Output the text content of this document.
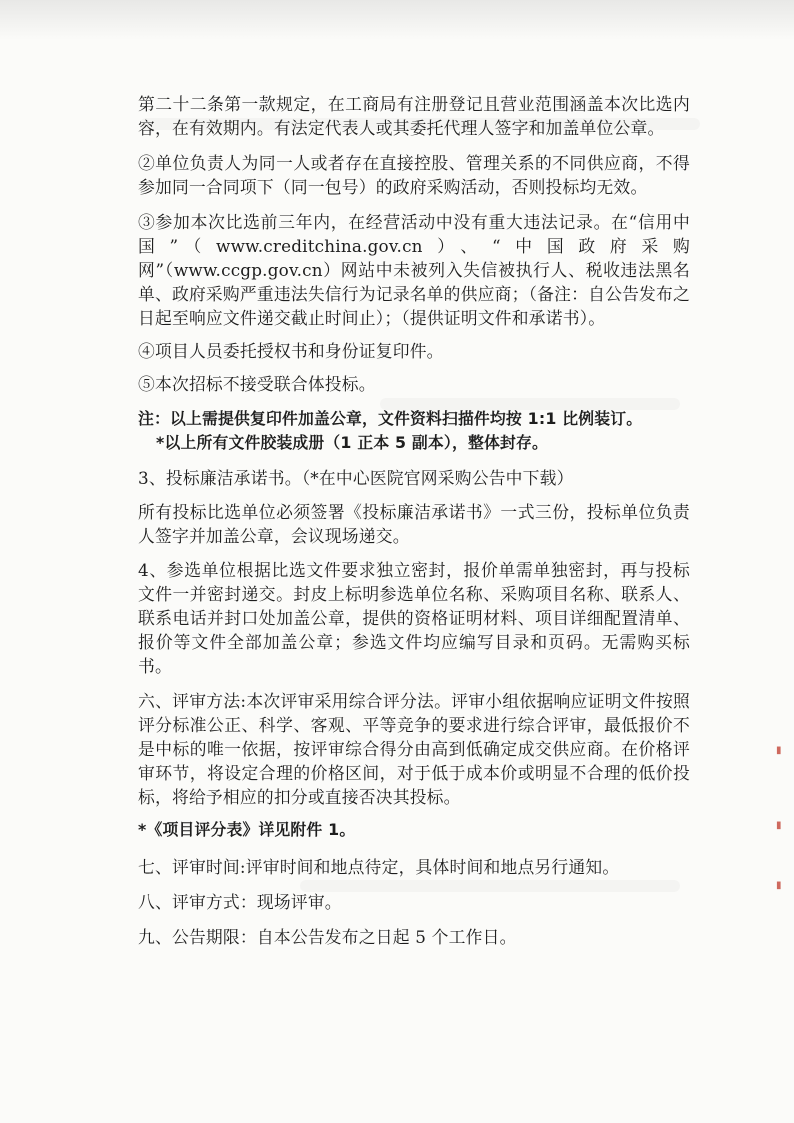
▮
▮
▮

第二十二条第一款规定，在工商局有注册登记且营业范围涵盖本次比选内容，在有效期内。有法定代表人或其委托代理人签字和加盖单位公章。

②单位负责人为同一人或者存在直接控股、管理关系的不同供应商，不得参加同一合同项下（同一包号）的政府采购活动，否则投标均无效。

③参加本次比选前三年内，在经营活动中没有重大违法记录。在“信用中国”（www.creditchina.gov.cn）、“中国政府采购网”（www.ccgp.gov.cn）网站中未被列入失信被执行人、税收违法黑名单、政府采购严重违法失信行为记录名单的供应商；（备注：自公告发布之日起至响应文件递交截止时间止）；（提供证明文件和承诺书）。

④项目人员委托授权书和身份证复印件。

⑤本次招标不接受联合体投标。

注：以上需提供复印件加盖公章，文件资料扫描件均按 1:1 比例装订。

*以上所有文件胶装成册（1 正本 5 副本），整体封存。

3、投标廉洁承诺书。（*在中心医院官网采购公告中下载）

所有投标比选单位必须签署《投标廉洁承诺书》一式三份，投标单位负责人签字并加盖公章，会议现场递交。

4、参选单位根据比选文件要求独立密封，报价单需单独密封，再与投标文件一并密封递交。封皮上标明参选单位名称、采购项目名称、联系人、联系电话并封口处加盖公章，提供的资格证明材料、项目详细配置清单、报价等文件全部加盖公章；参选文件均应编写目录和页码。无需购买标书。

六、评审方法:本次评审采用综合评分法。评审小组依据响应证明文件按照评分标准公正、科学、客观、平等竞争的要求进行综合评审，最低报价不是中标的唯一依据，按评审综合得分由高到低确定成交供应商。在价格评审环节，将设定合理的价格区间，对于低于成本价或明显不合理的低价投标，将给予相应的扣分或直接否决其投标。

*《项目评分表》详见附件 1。

七、评审时间:评审时间和地点待定，具体时间和地点另行通知。

八、评审方式：现场评审。

九、公告期限：自本公告发布之日起 5 个工作日。
